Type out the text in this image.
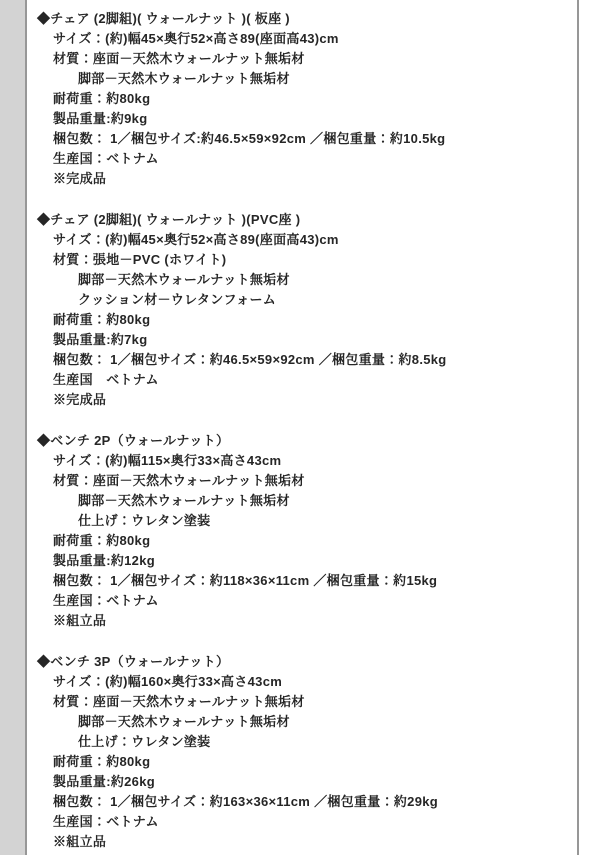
◆チェア (2脚組)( ウォールナット )( 板座 )
サイズ：(約)幅45×奥行52×高さ89(座面高43)cm
材質：座面－天然木ウォールナット無垢材
脚部－天然木ウォールナット無垢材
耐荷重：約80kg
製品重量:約9kg
梱包数： 1／梱包サイズ:約46.5×59×92cm ／梱包重量：約10.5kg
生産国：ベトナム
※完成品
◆チェア (2脚組)( ウォールナット )(PVC座 )
サイズ：(約)幅45×奥行52×高さ89(座面高43)cm
材質：張地－PVC (ホワイト)
脚部－天然木ウォールナット無垢材
クッション材－ウレタンフォーム
耐荷重：約80kg
製品重量:約7kg
梱包数： 1／梱包サイズ：約46.5×59×92cm ／梱包重量：約8.5kg
生産国　ベトナム
※完成品
◆ベンチ 2P（ウォールナット）
サイズ：(約)幅115×奥行33×高さ43cm
材質：座面－天然木ウォールナット無垢材
脚部－天然木ウォールナット無垢材
仕上げ：ウレタン塗装
耐荷重：約80kg
製品重量:約12kg
梱包数： 1／梱包サイズ：約118×36×11cm ／梱包重量：約15kg
生産国：ベトナム
※組立品
◆ベンチ 3P（ウォールナット）
サイズ：(約)幅160×奥行33×高さ43cm
材質：座面－天然木ウォールナット無垢材
脚部－天然木ウォールナット無垢材
仕上げ：ウレタン塗装
耐荷重：約80kg
製品重量:約26kg
梱包数： 1／梱包サイズ：約163×36×11cm ／梱包重量：約29kg
生産国：ベトナム
※組立品
